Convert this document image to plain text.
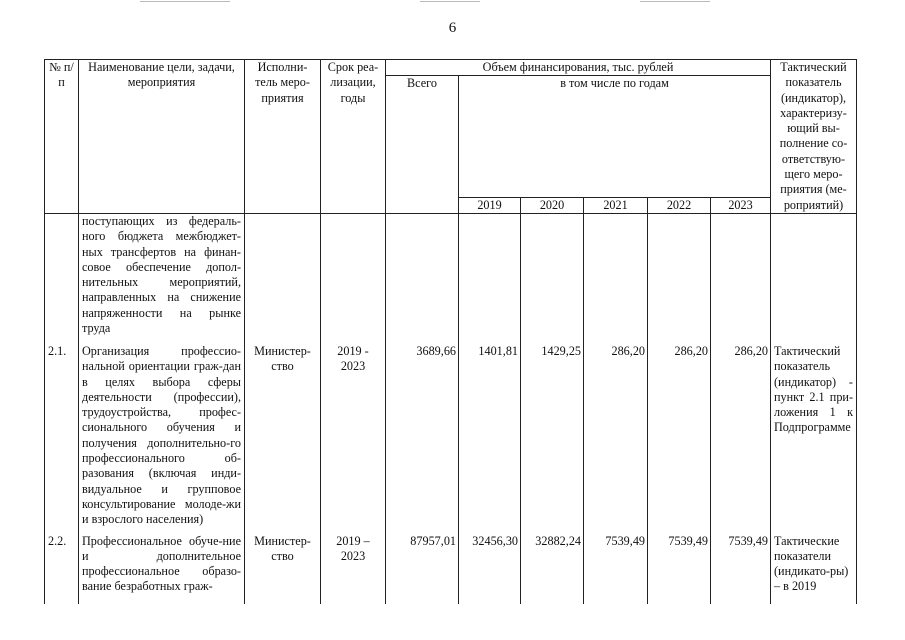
6
№ п/п	Наименование цели, задачи, мероприятия	Исполни-тель меро-приятия	Срок реа-лизации, годы	Объем финансирования, тыс. рублей						Тактический показатель (индикатор), характеризу-ющий вы-полнение со-ответствую-щего меро-приятия (ме-роприятий)
				Всего	в том числе по годам					
					2019	2020	2021	2022	2023	
	поступающих из федераль-ного бюджета межбюджет-ных трансфертов на финан-совое обеспечение допол-нительных мероприятий, направленных на снижение напряженности на рынке труда									
2.1.	Организация профессио-нальной ориентации граж-дан в целях выбора сферы деятельности (профессии), трудоустройства, профес-сионального обучения и получения дополнительно-го профессионального об-разования (включая инди-видуальное и групповое консультирование молоде-жи и взрослого населения)	Министер-ство	2019 - 2023	3689,66	1401,81	1429,25	286,20	286,20	286,20	Тактический показатель (индикатор) - пункт 2.1 при-ложения 1 к Подпрограмме
2.2.	Профессиональное обуче-ние и дополнительное профессиональное образо-вание безработных граж-	Министер-ство	2019 – 2023	87957,01	32456,30	32882,24	7539,49	7539,49	7539,49	Тактические показатели (индикато-ры) – в 2019
